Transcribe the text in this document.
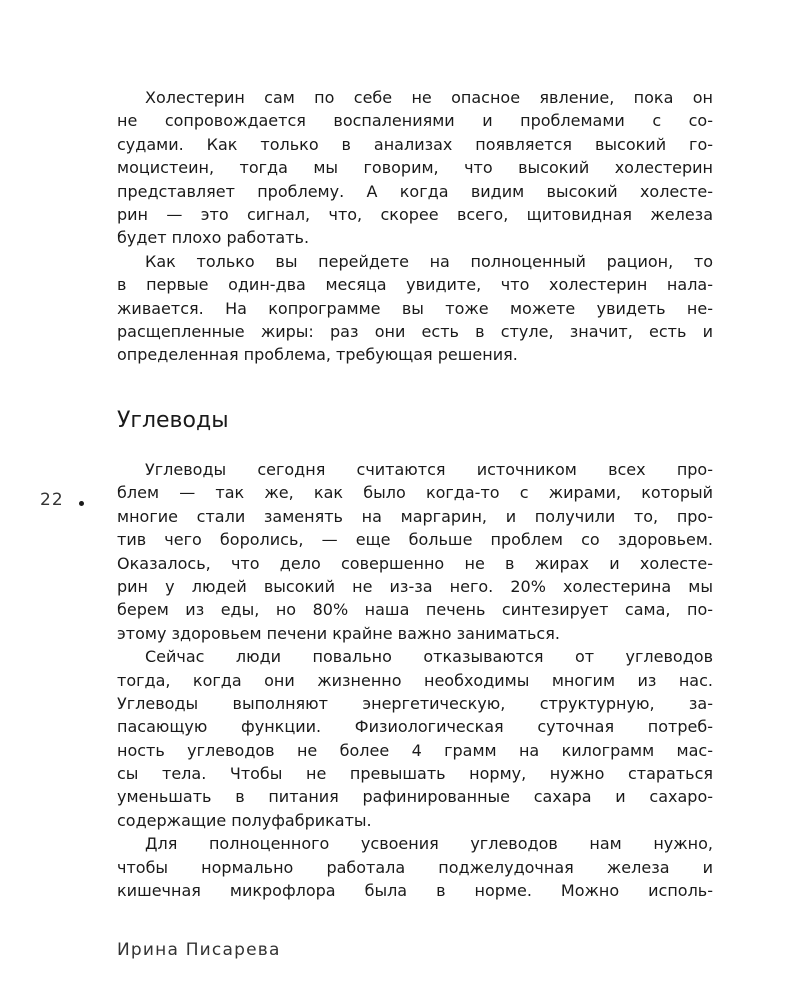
Холестерин сам по себе не опасное явление, пока он
не сопровождается воспалениями и проблемами с со-
судами. Как только в анализах появляется высокий го-
моцистеин, тогда мы говорим, что высокий холестерин
представляет проблему. А когда видим высокий холесте-
рин — это сигнал, что, скорее всего, щитовидная железа
будет плохо работать.
Как только вы перейдете на полноценный рацион, то
в первые один-два месяца увидите, что холестерин нала-
живается. На копрограмме вы тоже можете увидеть не-
расщепленные жиры: раз они есть в стуле, значит, есть и
определенная проблема, требующая решения.
Углеводы
22
Углеводы сегодня считаются источником всех про-
блем — так же, как было когда-то с жирами, который
многие стали заменять на маргарин, и получили то, про-
тив чего боролись, — еще больше проблем со здоровьем.
Оказалось, что дело совершенно не в жирах и холесте-
рин у людей высокий не из-за него. 20% холестерина мы
берем из еды, но 80% наша печень синтезирует сама, по-
этому здоровьем печени крайне важно заниматься.
Сейчас люди повально отказываются от углеводов
тогда, когда они жизненно необходимы многим из нас.
Углеводы выполняют энергетическую, структурную, за-
пасающую функции. Физиологическая суточная потреб-
ность углеводов не более 4 грамм на килограмм мас-
сы тела. Чтобы не превышать норму, нужно стараться
уменьшать в питания рафинированные сахара и сахаро-
содержащие полуфабрикаты.
Для полноценного усвоения углеводов нам нужно,
чтобы нормально работала поджелудочная железа и
кишечная микрофлора была в норме. Можно исполь-
Ирина Писарева
